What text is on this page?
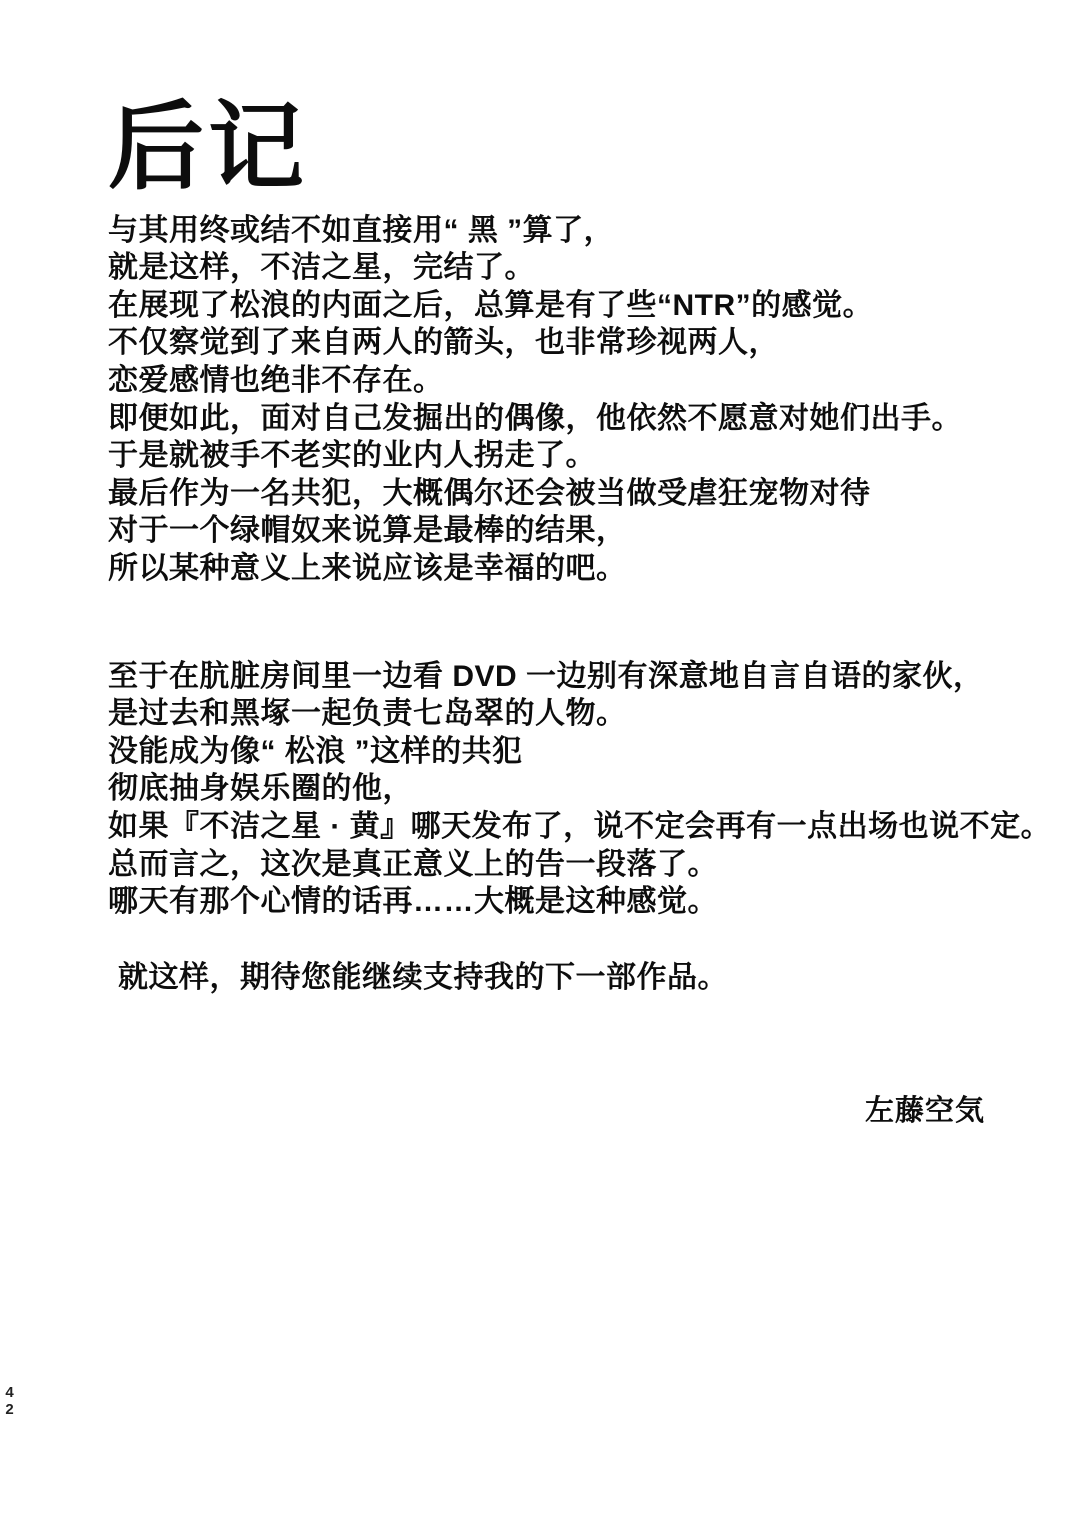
后记
与其用终或结不如直接用“ 黑 ”算了，
就是这样，不洁之星，完结了。
在展现了松浪的内面之后，总算是有了些“NTR”的感觉。
不仅察觉到了来自两人的箭头，也非常珍视两人，
恋爱感情也绝非不存在。
即便如此，面对自己发掘出的偶像，他依然不愿意对她们出手。
于是就被手不老实的业内人拐走了。
最后作为一名共犯，大概偶尔还会被当做受虐狂宠物对待
对于一个绿帽奴来说算是最棒的结果，
所以某种意义上来说应该是幸福的吧。
至于在肮脏房间里一边看 DVD 一边别有深意地自言自语的家伙，
是过去和黑塚一起负责七岛翠的人物。
没能成为像“ 松浪 ”这样的共犯
彻底抽身娱乐圈的他，
如果『不洁之星 · 黄』哪天发布了，说不定会再有一点出场也说不定。
总而言之，这次是真正意义上的告一段落了。
哪天有那个心情的话再……大概是这种感觉。
就这样，期待您能继续支持我的下一部作品。
左藤空気
42
